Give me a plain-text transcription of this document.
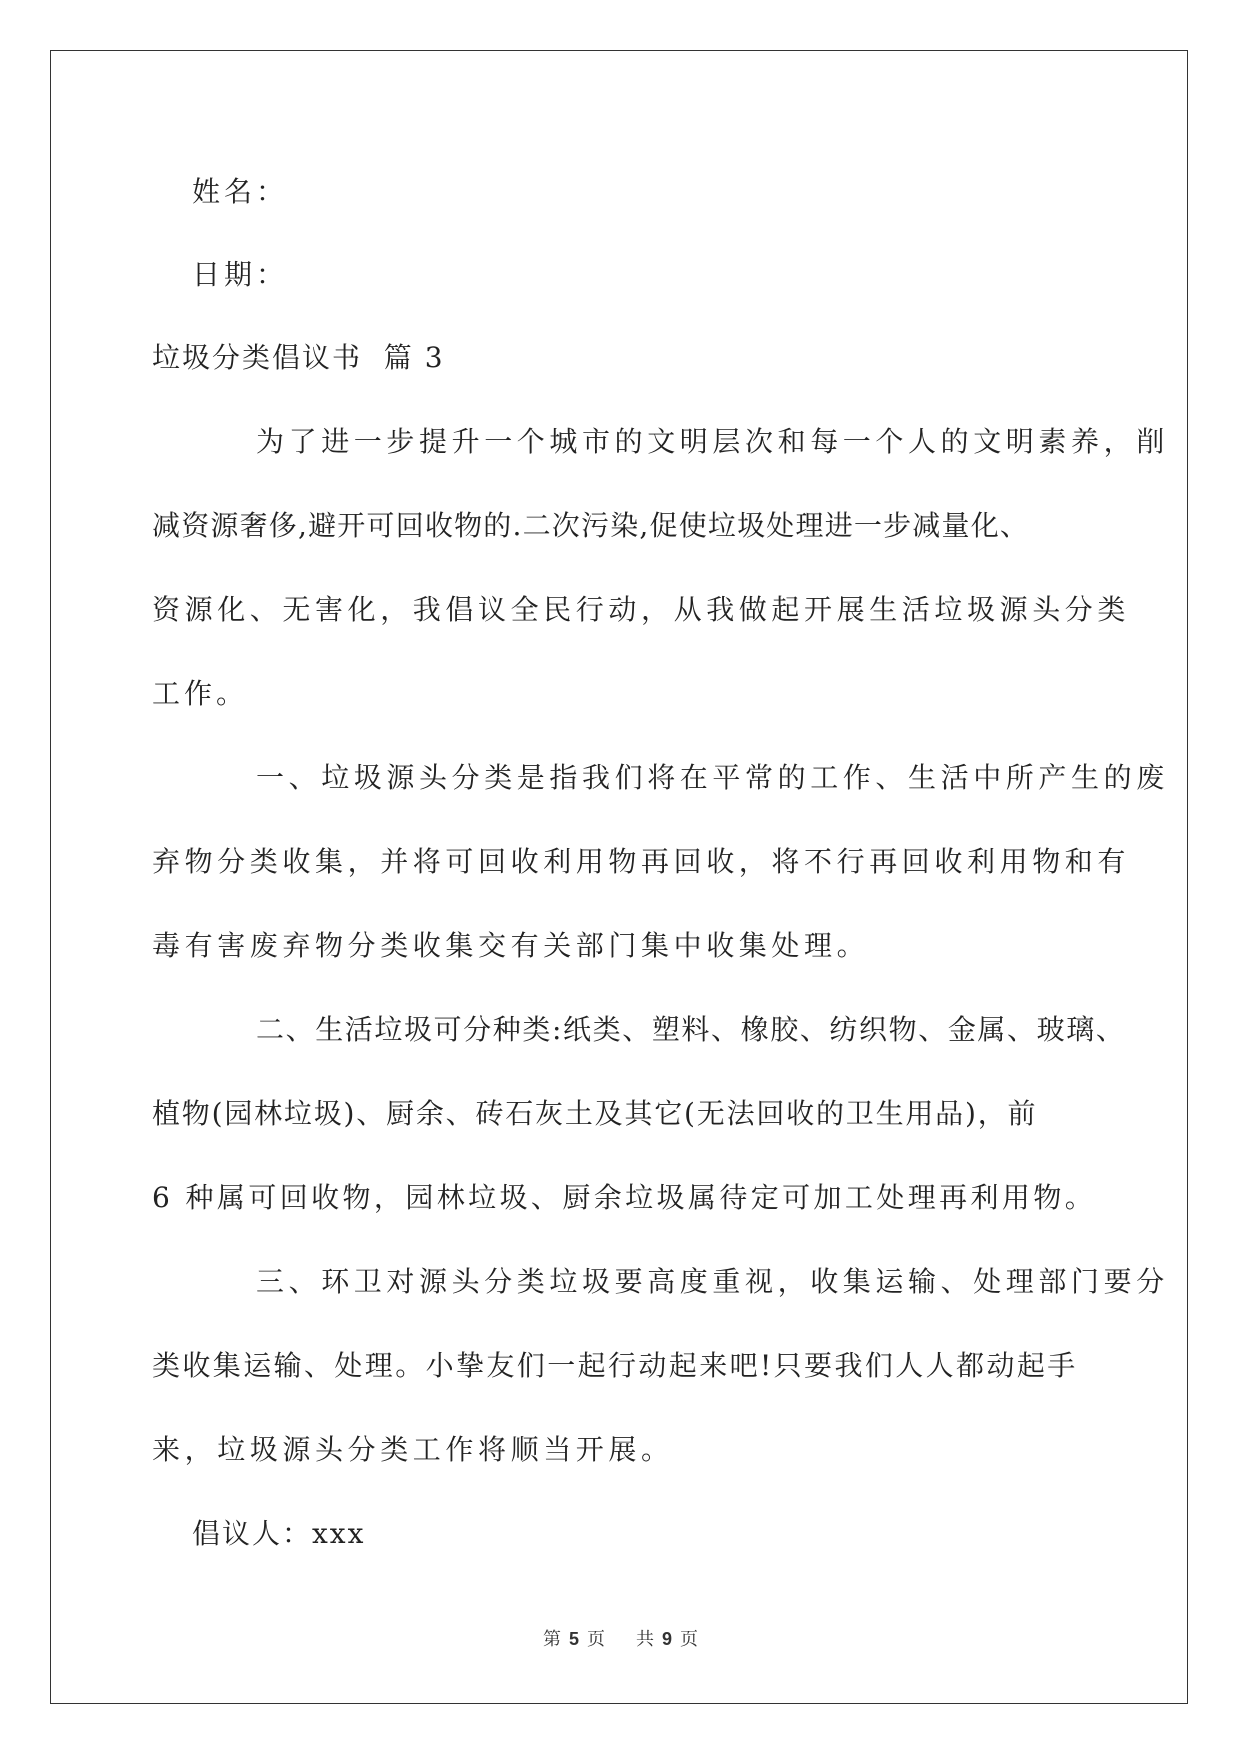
姓名：
日期：
垃圾分类倡议书  篇 3
为了进一步提升一个城市的文明层次和每一个人的文明素养，削
减资源奢侈,避开可回收物的.二次污染,促使垃圾处理进一步减量化、
资源化、无害化，我倡议全民行动，从我做起开展生活垃圾源头分类
工作。
一、垃圾源头分类是指我们将在平常的工作、生活中所产生的废
弃物分类收集，并将可回收利用物再回收，将不行再回收利用物和有
毒有害废弃物分类收集交有关部门集中收集处理。
二、生活垃圾可分种类:纸类、塑料、橡胶、纺织物、金属、玻璃、
植物(园林垃圾)、厨余、砖石灰土及其它(无法回收的卫生用品)，前
6 种属可回收物，园林垃圾、厨余垃圾属待定可加工处理再利用物。
三、环卫对源头分类垃圾要高度重视，收集运输、处理部门要分
类收集运输、处理。小挚友们一起行动起来吧!只要我们人人都动起手
来，垃圾源头分类工作将顺当开展。
倡议人：xxx
第 5 页 共 9 页
